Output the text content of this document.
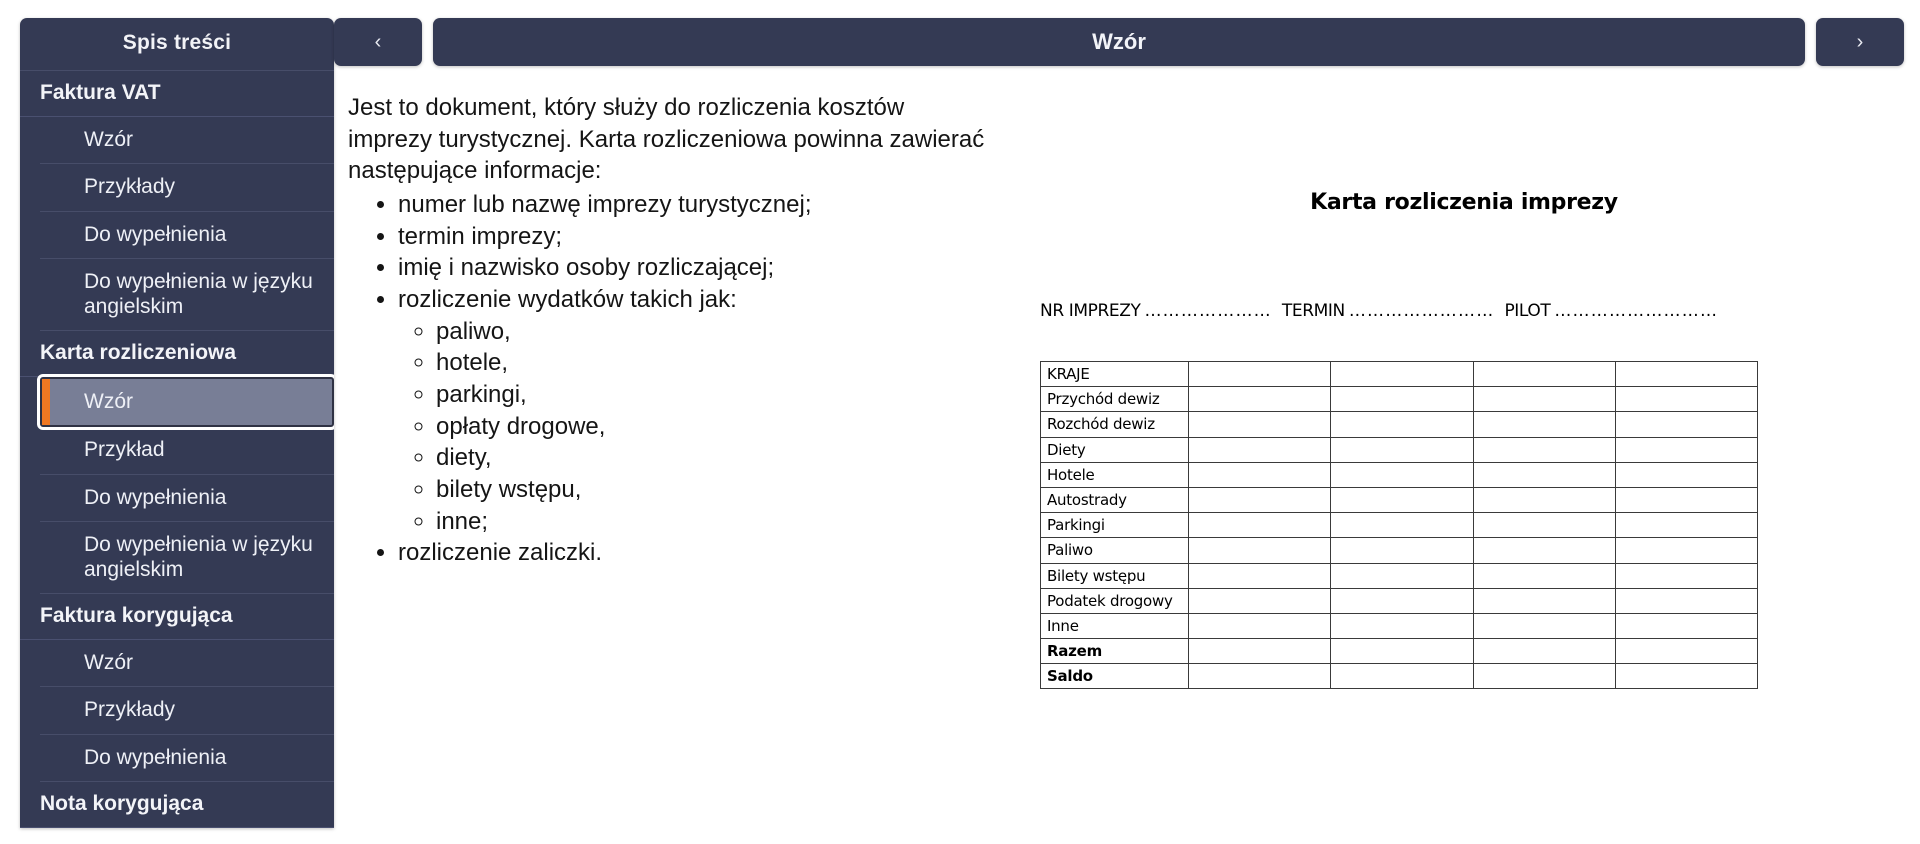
Spis treści
Faktura VAT
Wzór
Przykłady
Do wypełnienia
Do wypełnienia w języku angielskim
Karta rozliczeniowa
Wzór
Przykład
Do wypełnienia
Do wypełnienia w języku angielskim
Faktura korygująca
Wzór
Przykłady
Do wypełnienia
Nota korygująca
‹	Wzór	›

Jest to dokument, który służy do rozliczenia kosztów imprezy turystycznej. Karta rozliczeniowa powinna zawierać następujące informacje:

• numer lub nazwę imprezy turystycznej;
• termin imprezy;
• imię i nazwisko osoby rozliczającej;
• rozliczenie wydatków takich jak:
◦ paliwo,
◦ hotele,
◦ parkingi,
◦ opłaty drogowe,
◦ diety,
◦ bilety wstępu,
◦ inne;
• rozliczenie zaliczki.
Karta rozliczenia imprezy
NR IMPREZY ………………… TERMIN …………………… PILOT ………………………
KRAJE				
Przychód dewiz				
Rozchód dewiz				
Diety				
Hotele				
Autostrady				
Parkingi				
Paliwo				
Bilety wstępu				
Podatek drogowy				
Inne				
Razem				
Saldo				
